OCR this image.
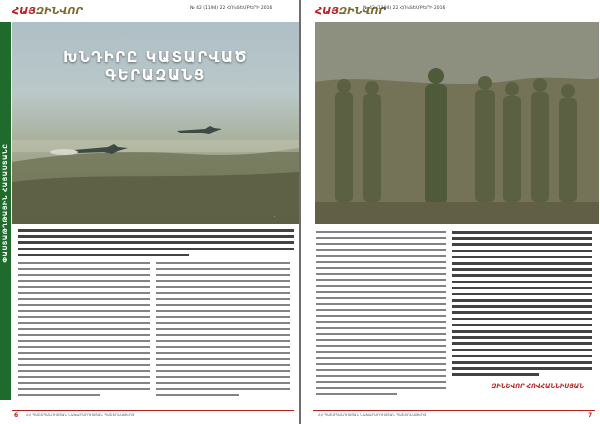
ՀԱՅԶԻՆՎՈՐ	№ 42 (1194) 22 ՀՈԿՏԵՄԲԵՐԻ 2016
ՓԱՍՏԱԹՂԹԱՅԻՆ ՀԱՅԱՍՏԱՆԸ	·
ԽՆԴԻՐԸ ԿԱՏԱՐՎԱԾ ԳԵՐԱԶԱՆՑ
6 ՀՀ ՊԱՇՏՊԱՆՈՒԹՅԱՆ ՆԱԽԱՐԱՐՈՒԹՅԱՆ ՊԱՇՏՈՆԱԹԵՐԹ
ՀԱՅԶԻՆՎՈՐ
№ 42 (1194) 22 ՀՈԿՏԵՄԲԵՐԻ 2016
ԶԻՆԵՎՈՐ ՀՈՎՀԱՆՆԻՍՅԱՆ
ՀՀ ՊԱՇՏՊԱՆՈՒԹՅԱՆ ՆԱԽԱՐԱՐՈՒԹՅԱՆ ՊԱՇՏՈՆԱԹԵՐԹ	7
